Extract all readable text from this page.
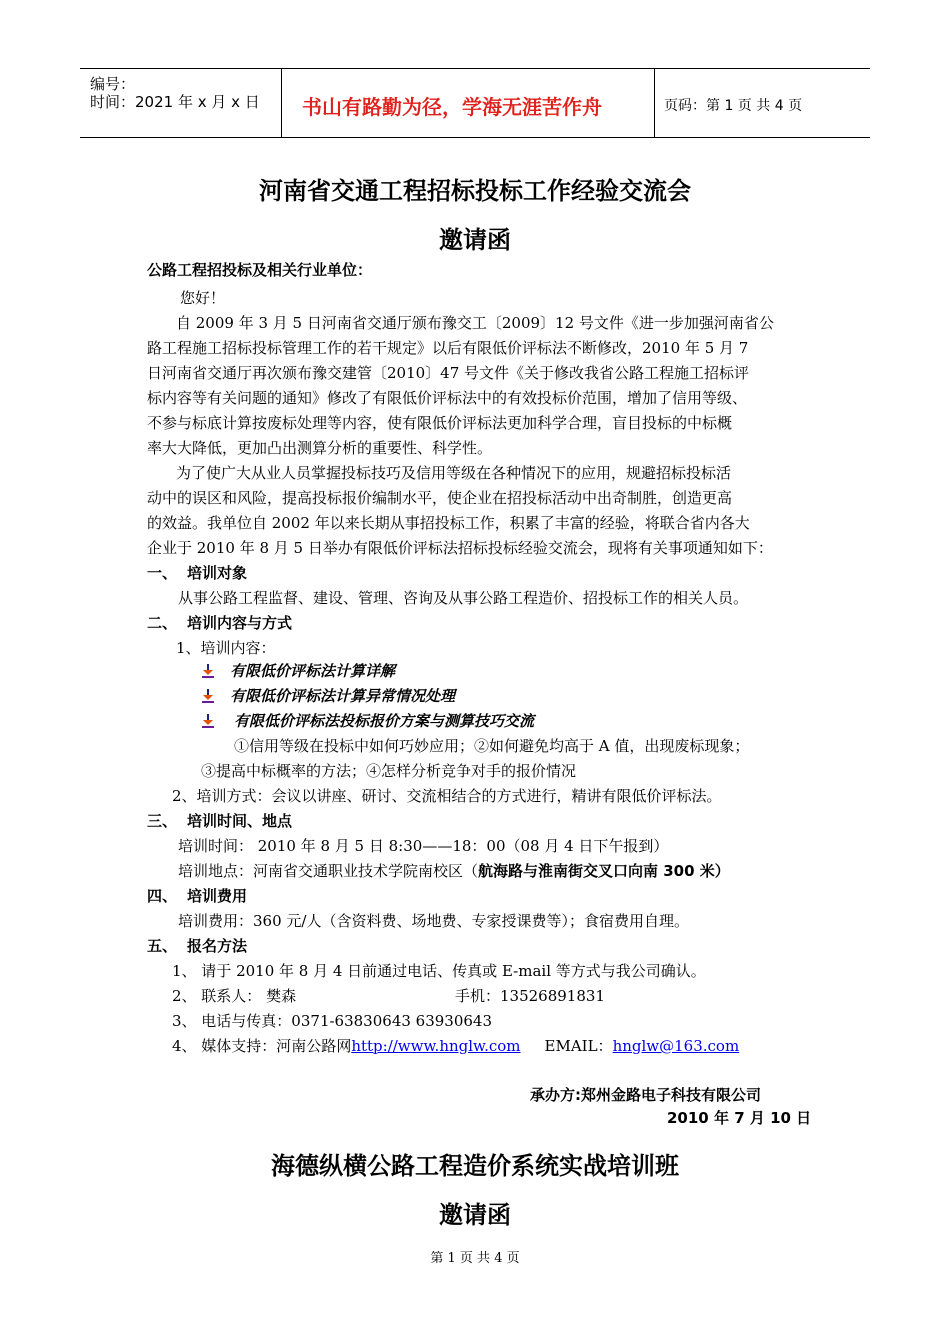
编号：
时间：2021 年 x 月 x 日 书山有路勤为径，学海无涯苦作舟	页码：第 1 页 共 4 页
河南省交通工程招标投标工作经验交流会
邀请函
公路工程招投标及相关行业单位：
您好！
自 2009 年 3 月 5 日河南省交通厅颁布豫交工〔2009〕12 号文件《进一步加强河南省公
路工程施工招标投标管理工作的若干规定》以后有限低价评标法不断修改，2010 年 5 月 7
日河南省交通厅再次颁布豫交建管〔2010〕47 号文件《关于修改我省公路工程施工招标评
标内容等有关问题的通知》修改了有限低价评标法中的有效投标价范围，增加了信用等级、
不参与标底计算按废标处理等内容，使有限低价评标法更加科学合理，盲目投标的中标概
率大大降低，更加凸出测算分析的重要性、科学性。
为了使广大从业人员掌握投标技巧及信用等级在各种情况下的应用，规避招标投标活
动中的误区和风险，提高投标报价编制水平，使企业在招投标活动中出奇制胜，创造更高
的效益。我单位自 2002 年以来长期从事招投标工作，积累了丰富的经验，将联合省内各大
企业于 2010 年 8 月 5 日举办有限低价评标法招标投标经验交流会，现将有关事项通知如下：
一、 培训对象
从事公路工程监督、建设、管理、咨询及从事公路工程造价、招投标工作的相关人员。
二、 培训内容与方式
1、培训内容：
有限低价评标法计算详解
有限低价评标法计算异常情况处理
有限低价评标法投标报价方案与测算技巧交流
①信用等级在投标中如何巧妙应用；②如何避免均高于 A 值，出现废标现象；
③提高中标概率的方法；④怎样分析竞争对手的报价情况
2、培训方式：会议以讲座、研讨、交流相结合的方式进行，精讲有限低价评标法。
三、 培训时间、地点
培训时间： 2010 年 8 月 5 日 8:30——18：00（08 月 4 日下午报到）
培训地点：河南省交通职业技术学院南校区（航海路与淮南街交叉口向南 300 米）
四、 培训费用
培训费用：360 元/人（含资料费、场地费、专家授课费等）；食宿费用自理。
五、 报名方法
1、 请于 2010 年 8 月 4 日前通过电话、传真或 E-mail 等方式与我公司确认。
2、 联系人： 樊森	手机：13526891831
3、 电话与传真：0371-63830643 63930643
4、 媒体支持：河南公路网http://www.hnglw.com EMAIL：hnglw@163.com
承办方:郑州金路电子科技有限公司
2010 年 7 月 10 日
海德纵横公路工程造价系统实战培训班
邀请函
第 1 页 共 4 页
